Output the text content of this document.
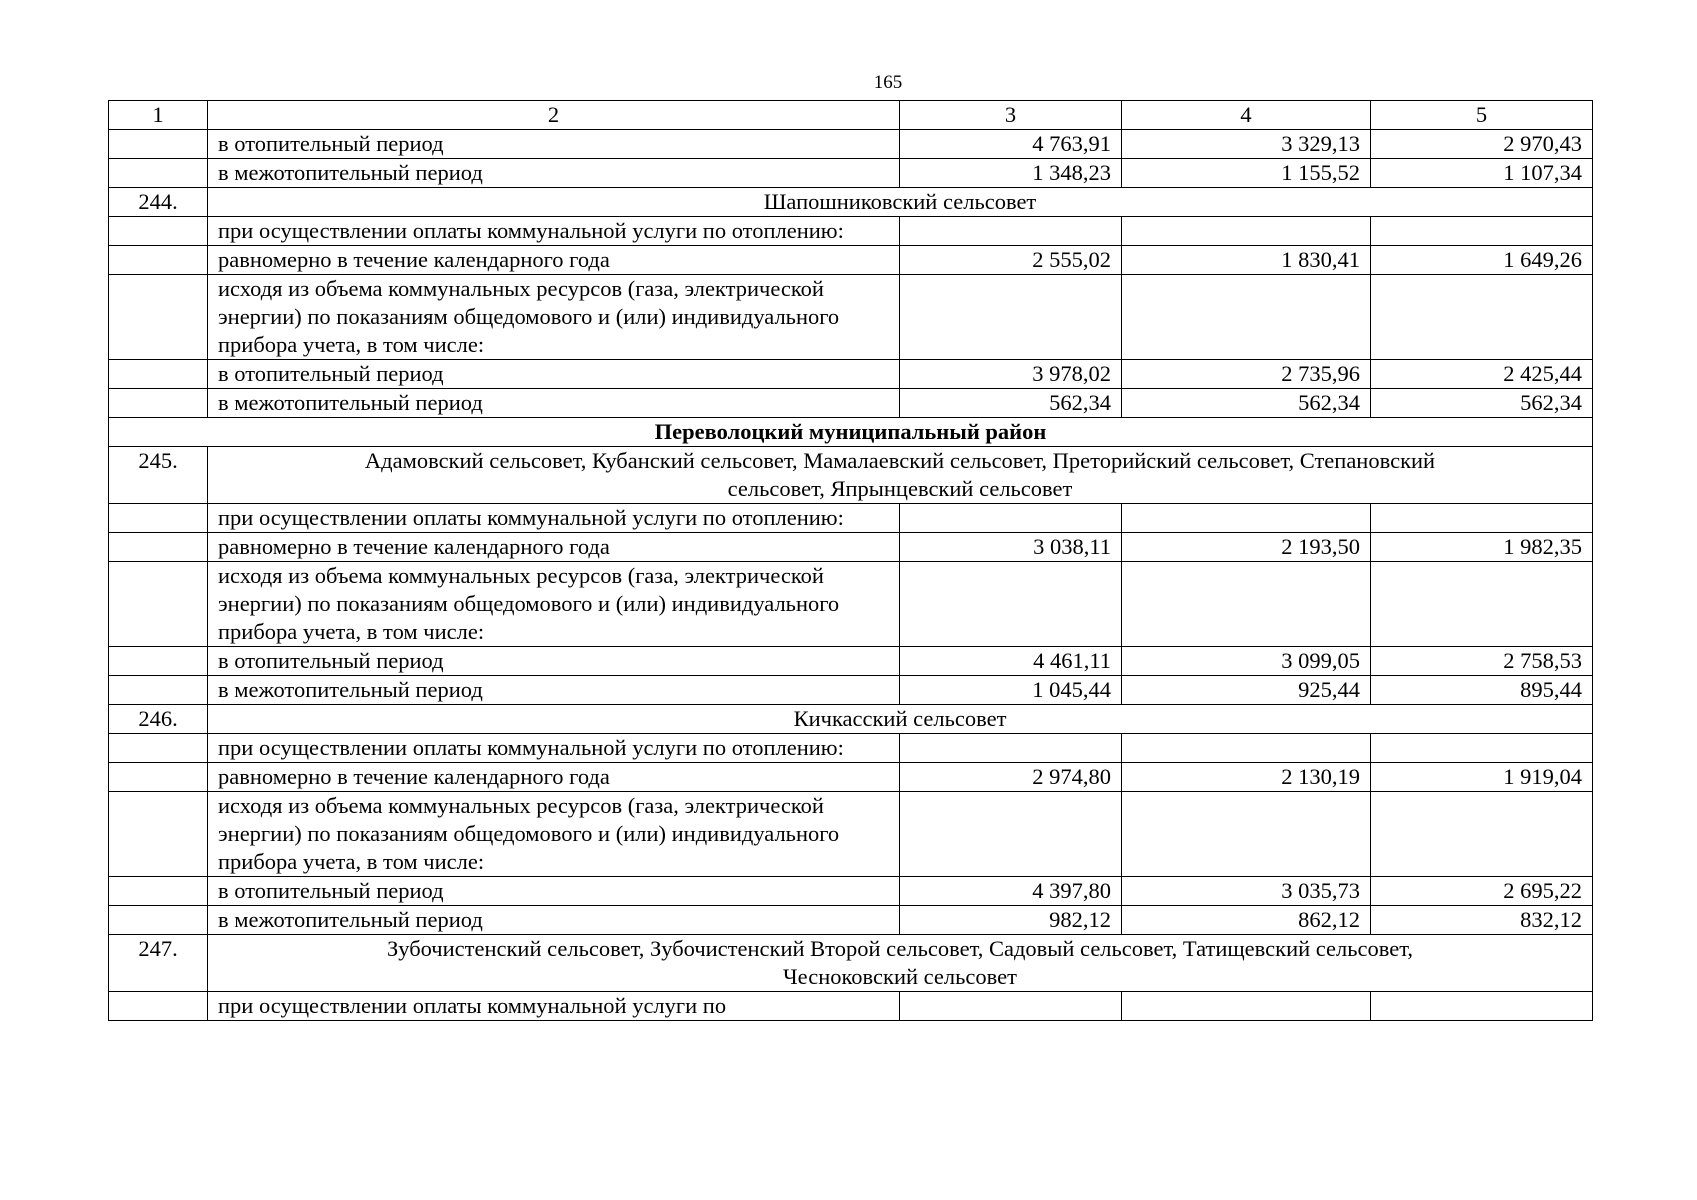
165
1	2	3	4	5
	в отопительный период	4 763,91	3 329,13	2 970,43
	в межотопительный период	1 348,23	1 155,52	1 107,34
244.	Шапошниковский сельсовет			
	при осуществлении оплаты коммунальной услуги по отоплению:			
	равномерно в течение календарного года	2 555,02	1 830,41	1 649,26
	исходя из объема коммунальных ресурсов (газа, электрической энергии) по показаниям общедомового и (или) индивидуального прибора учета, в том числе:			
	в отопительный период	3 978,02	2 735,96	2 425,44
	в межотопительный период	562,34	562,34	562,34
Переволоцкий муниципальный район				
245.	Адамовский сельсовет, Кубанский сельсовет, Мамалаевский сельсовет, Преторийский сельсовет, Степановский сельсовет, Япрынцевский сельсовет			
	при осуществлении оплаты коммунальной услуги по отоплению:			
	равномерно в течение календарного года	3 038,11	2 193,50	1 982,35
	исходя из объема коммунальных ресурсов (газа, электрической энергии) по показаниям общедомового и (или) индивидуального прибора учета, в том числе:			
	в отопительный период	4 461,11	3 099,05	2 758,53
	в межотопительный период	1 045,44	925,44	895,44
246.	Кичкасский сельсовет			
	при осуществлении оплаты коммунальной услуги по отоплению:			
	равномерно в течение календарного года	2 974,80	2 130,19	1 919,04
	исходя из объема коммунальных ресурсов (газа, электрической энергии) по показаниям общедомового и (или) индивидуального прибора учета, в том числе:			
	в отопительный период	4 397,80	3 035,73	2 695,22
	в межотопительный период	982,12	862,12	832,12
247.	Зубочистенский сельсовет, Зубочистенский Второй сельсовет, Садовый сельсовет, Татищевский сельсовет, Чесноковский сельсовет			
	при осуществлении оплаты коммунальной услуги по			
